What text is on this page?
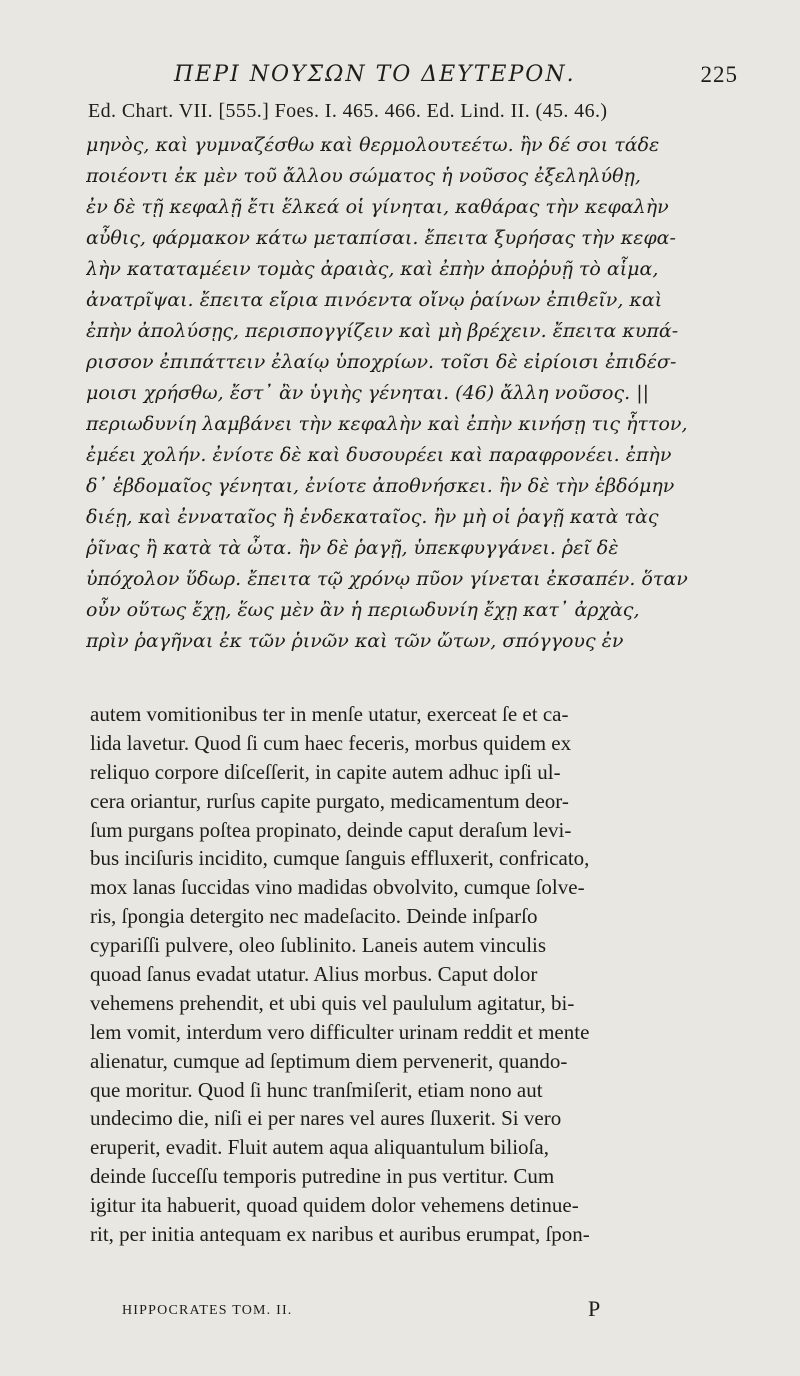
ΠΕΡΙ ΝΟΥΣΩΝ ΤΟ ΔΕΥΤΕΡΟΝ.	225
Ed. Chart. VII. [555.] Foes. I. 465. 466. Ed. Lind. II. (45. 46.)
μηνὸς, καὶ γυμναζέσθω καὶ θερμολουτεέτω. ἢν δέ σοι τάδε
ποιέοντι ἐκ μὲν τοῦ ἄλλου σώματος ἡ νοῦσος ἐξεληλύθῃ,
ἐν δὲ τῇ κεφαλῇ ἔτι ἕλκεά οἱ γίνηται, καθάρας τὴν κεφαλὴν
αὖθις, φάρμακον κάτω μεταπίσαι. ἔπειτα ξυρήσας τὴν κεφα-
λὴν καταταμέειν τομὰς ἀραιὰς, καὶ ἐπὴν ἀποῤῥυῇ τὸ αἷμα,
ἀνατρῖψαι. ἔπειτα εἴρια πινόεντα οἴνῳ ῥαίνων ἐπιθεῖν, καὶ
ἐπὴν ἀπολύσῃς, περισπογγίζειν καὶ μὴ βρέχειν. ἔπειτα κυπά-
ρισσον ἐπιπάττειν ἐλαίῳ ὑποχρίων. τοῖσι δὲ εἰρίοισι ἐπιδέσ-
μοισι χρήσθω, ἔστ᾽ ἂν ὑγιὴς γένηται. (46) ἄλλη νοῦσος. ||
περιωδυνίη λαμβάνει τὴν κεφαλὴν καὶ ἐπὴν κινήσῃ τις ἧττον,
ἐμέει χολήν. ἐνίοτε δὲ καὶ δυσουρέει καὶ παραφρονέει. ἐπὴν
δ᾽ ἑβδομαῖος γένηται, ἐνίοτε ἀποθνήσκει. ἢν δὲ τὴν ἑβδόμην
διέῃ, καὶ ἐνναταῖος ἢ ἑνδεκαταῖος. ἢν μὴ οἱ ῥαγῇ κατὰ τὰς
ῥῖνας ἢ κατὰ τὰ ὦτα. ἢν δὲ ῥαγῇ, ὑπεκφυγγάνει. ῥεῖ δὲ
ὑπόχολον ὕδωρ. ἔπειτα τῷ χρόνῳ πῦον γίνεται ἐκσαπέν. ὅταν
οὖν οὕτως ἔχῃ, ἕως μὲν ἂν ἡ περιωδυνίη ἔχῃ κατ᾽ ἀρχὰς,
πρὶν ῥαγῆναι ἐκ τῶν ῥινῶν καὶ τῶν ὤτων, σπόγγους ἐν
autem vomitionibus ter in menſe utatur, exerceat ſe et ca-
lida lavetur. Quod ſi cum haec feceris, morbus quidem ex
reliquo corpore diſceſſerit, in capite autem adhuc ipſi ul-
cera oriantur, rurſus capite purgato, medicamentum deor-
ſum purgans poſtea propinato, deinde caput deraſum levi-
bus inciſuris incidito, cumque ſanguis effluxerit, confricato,
mox lanas ſuccidas vino madidas obvolvito, cumque ſolve-
ris, ſpongia detergito nec madeſacito. Deinde inſparſo
cypariſſi pulvere, oleo ſublinito. Laneis autem vinculis
quoad ſanus evadat utatur. Alius morbus. Caput dolor
vehemens prehendit, et ubi quis vel paululum agitatur, bi-
lem vomit, interdum vero difficulter urinam reddit et mente
alienatur, cumque ad ſeptimum diem pervenerit, quando-
que moritur. Quod ſi hunc tranſmiſerit, etiam nono aut
undecimo die, niſi ei per nares vel aures ſluxerit. Si vero
eruperit, evadit. Fluit autem aqua aliquantulum bilioſa,
deinde ſucceſſu temporis putredine in pus vertitur. Cum
igitur ita habuerit, quoad quidem dolor vehemens detinue-
rit, per initia antequam ex naribus et auribus erumpat, ſpon-
HIPPOCRATES TOM. II.	P
